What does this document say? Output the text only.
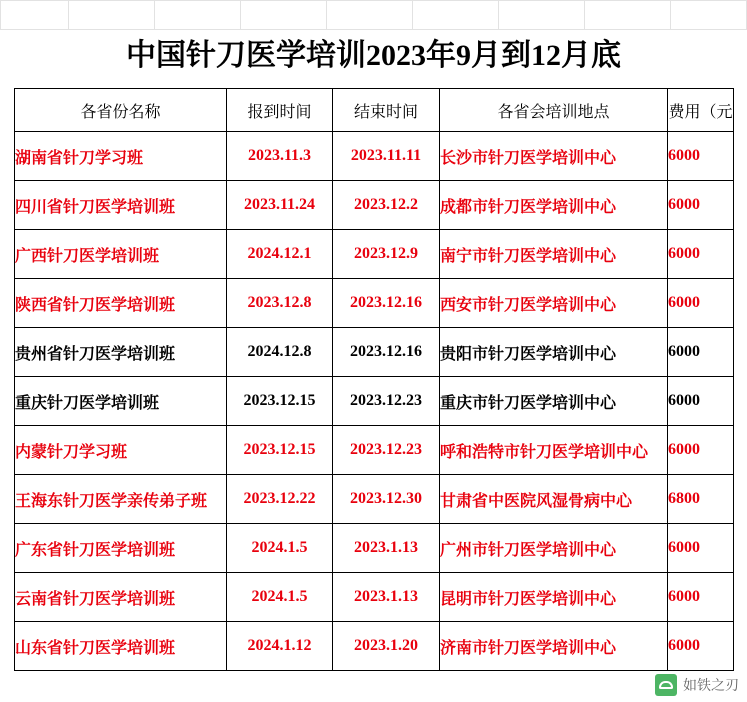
中国针刀医学培训2023年9月到12月底
各省份名称	报到时间	结束时间	各省会培训地点	费用（元
湖南省针刀学习班	2023.11.3	2023.11.11	长沙市针刀医学培训中心	6000
四川省针刀医学培训班	2023.11.24	2023.12.2	成都市针刀医学培训中心	6000
广西针刀医学培训班	2024.12.1	2023.12.9	南宁市针刀医学培训中心	6000
陕西省针刀医学培训班	2023.12.8	2023.12.16	西安市针刀医学培训中心	6000
贵州省针刀医学培训班	2024.12.8	2023.12.16	贵阳市针刀医学培训中心	6000
重庆针刀医学培训班	2023.12.15	2023.12.23	重庆市针刀医学培训中心	6000
内蒙针刀学习班	2023.12.15	2023.12.23	呼和浩特市针刀医学培训中心	6000
王海东针刀医学亲传弟子班	2023.12.22	2023.12.30	甘肃省中医院风湿骨病中心	6800
广东省针刀医学培训班	2024.1.5	2023.1.13	广州市针刀医学培训中心	6000
云南省针刀医学培训班	2024.1.5	2023.1.13	昆明市针刀医学培训中心	6000
山东省针刀医学培训班	2024.1.12	2023.1.20	济南市针刀医学培训中心	6000
如铁之刃
